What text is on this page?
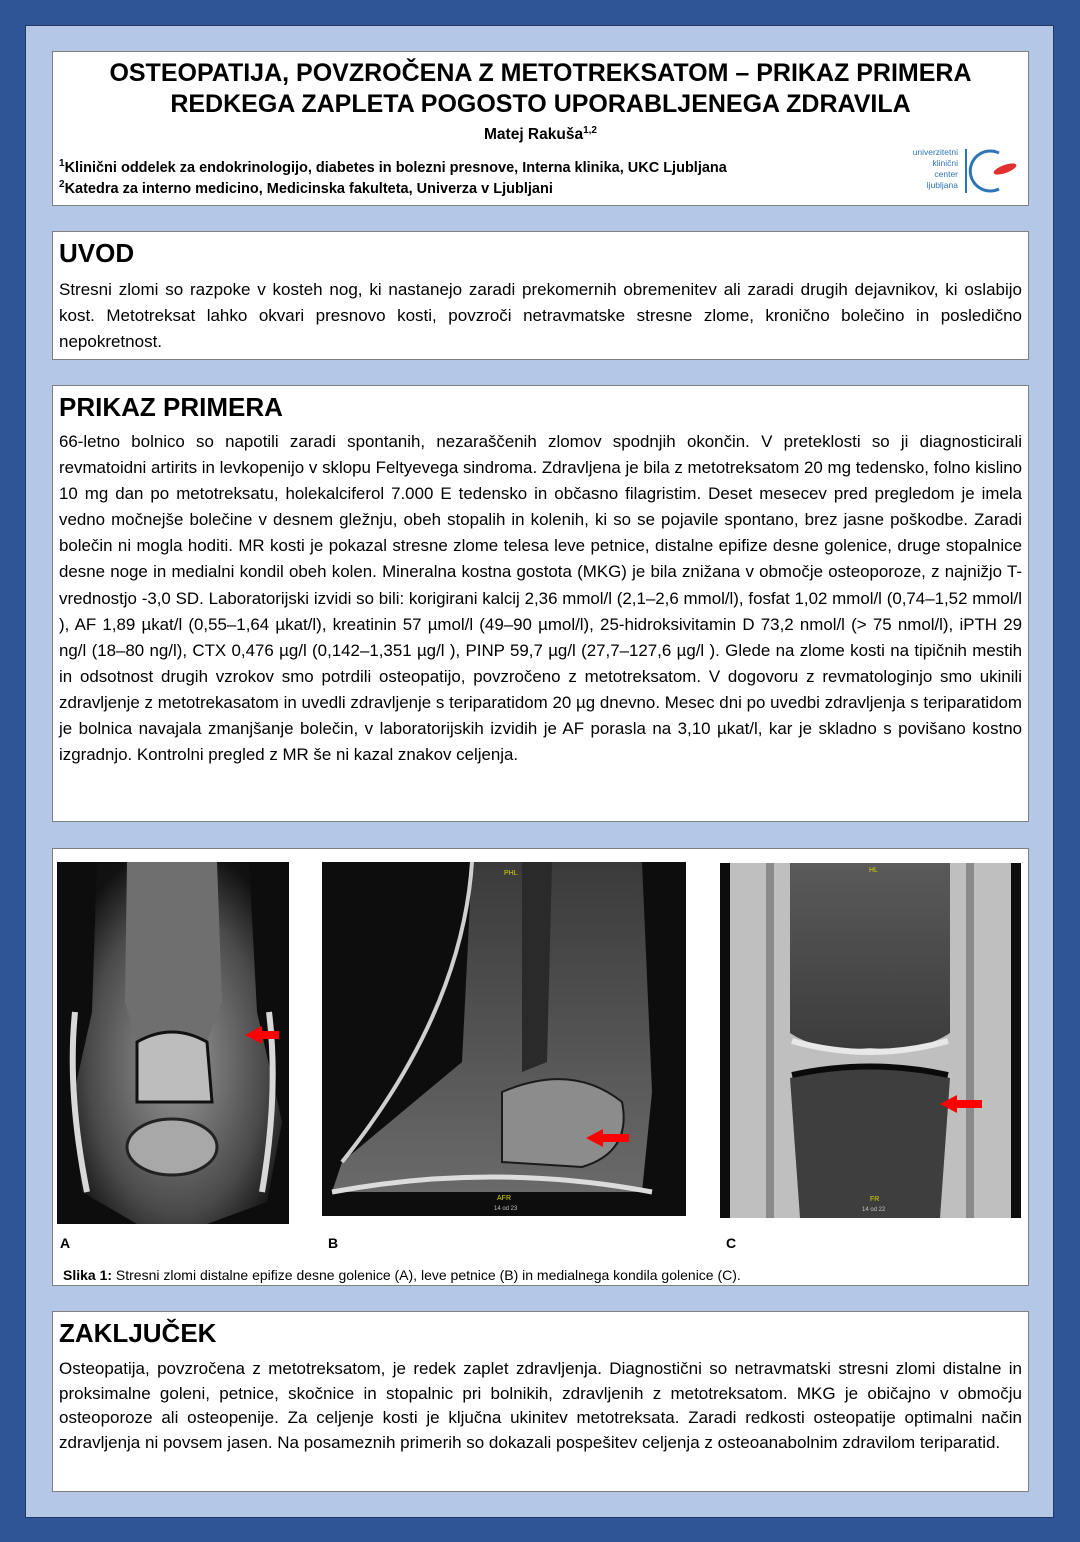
OSTEOPATIJA, POVZROČENA Z METOTREKSATOM – PRIKAZ PRIMERA
REDKEGA ZAPLETA POGOSTO UPORABLJENEGA ZDRAVILA
Matej Rakuša$^{1,2}$
$^1$Klinični oddelek za endokrinologijo, diabetes in bolezni presnove, Interna klinika, UKC Ljubljana
$^2$Katedra za interno medicino, Medicinska fakulteta, Univerza v Ljubljani
univerzitetni
klinični
center
ljubljana
UVOD
Stresni zlomi so razpoke v kosteh nog, ki nastanejo zaradi prekomernih obremenitev ali zaradi drugih dejavnikov, ki oslabijo kost. Metotreksat lahko okvari presnovo kosti, povzroči netravmatske stresne zlome, kronično bolečino in posledično nepokretnost.
PRIKAZ PRIMERA
66-letno bolnico so napotili zaradi spontanih, nezaraščenih zlomov spodnjih okončin. V preteklosti so ji diagnosticirali revmatoidni artirits in levkopenijo v sklopu Feltyevega sindroma. Zdravljena je bila z metotreksatom 20 mg tedensko, folno kislino 10 mg dan po metotreksatu, holekalciferol 7.000 E tedensko in občasno filagristim. Deset mesecev pred pregledom je imela vedno močnejše bolečine v desnem gležnju, obeh stopalih in kolenih, ki so se pojavile spontano, brez jasne poškodbe. Zaradi bolečin ni mogla hoditi. MR kosti je pokazal stresne zlome telesa leve petnice, distalne epifize desne golenice, druge stopalnice desne noge in medialni kondil obeh kolen. Mineralna kostna gostota (MKG) je bila znižana v območje osteoporoze, z najnižjo T-vrednostjo -3,0 SD. Laboratorijski izvidi so bili: korigirani kalcij 2,36 mmol/l (2,1–2,6 mmol/l), fosfat 1,02 mmol/l (0,74–1,52 mmol/l ), AF 1,89 µkat/l (0,55–1,64 µkat/l), kreatinin 57 µmol/l (49–90 µmol/l), 25-hidroksivitamin D 73,2 nmol/l (> 75 nmol/l), iPTH 29 ng/l (18–80 ng/l), CTX 0,476 µg/l (0,142–1,351 µg/l ), PINP 59,7 µg/l (27,7–127,6 µg/l ). Glede na zlome kosti na tipičnih mestih in odsotnost drugih vzrokov smo potrdili osteopatijo, povzročeno z metotreksatom. V dogovoru z revmatologinjo smo ukinili zdravljenje z metotrekasatom in uvedli zdravljenje s teriparatidom 20 µg dnevno. Mesec dni po uvedbi zdravljenja s teriparatidom je bolnica navajala zmanjšanje bolečin, v laboratorijskih izvidih je AF porasla na 3,10 µkat/l, kar je skladno s povišano kostno izgradnjo. Kontrolni pregled z MR še ni kazal znakov celjenja.
PHL
AFR
14 od 23
HL
FR
14 od 22
A	B	C
Slika 1: Stresni zlomi distalne epifize desne golenice (A), leve petnice (B) in medialnega kondila golenice (C).
ZAKLJUČEK
Osteopatija, povzročena z metotreksatom, je redek zaplet zdravljenja. Diagnostični so netravmatski stresni zlomi distalne in proksimalne goleni, petnice, skočnice in stopalnic pri bolnikih, zdravljenih z metotreksatom. MKG je običajno v območju osteoporoze ali osteopenije. Za celjenje kosti je ključna ukinitev metotreksata. Zaradi redkosti osteopatije optimalni način zdravljenja ni povsem jasen. Na posameznih primerih so dokazali pospešitev celjenja z osteoanabolnim zdravilom teriparatid.
